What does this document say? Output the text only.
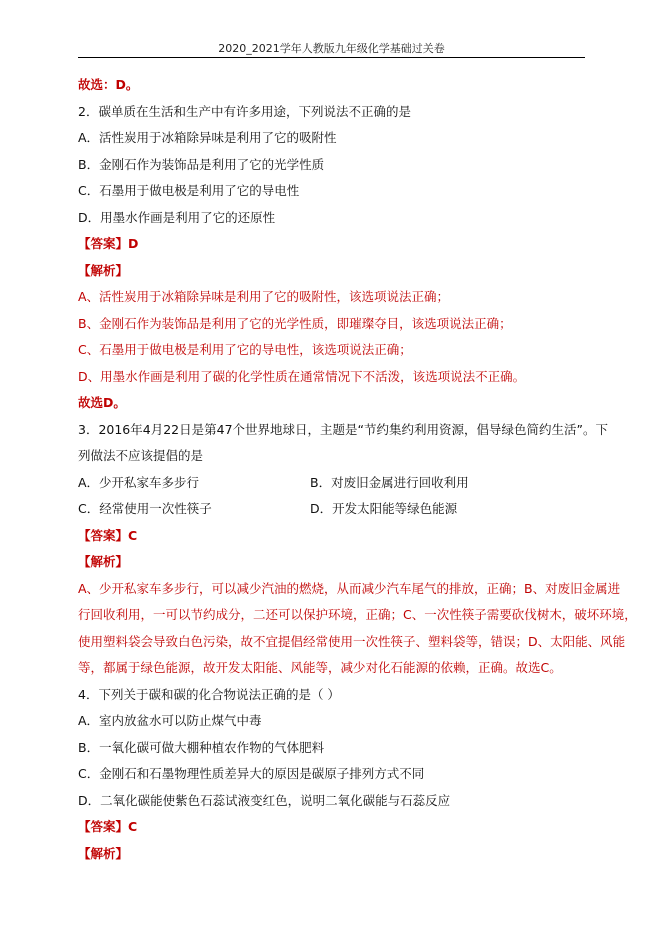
2020_2021学年人教版九年级化学基础过关卷
故选：D。
2．碳单质在生活和生产中有许多用途，下列说法不正确的是
A．活性炭用于冰箱除异味是利用了它的吸附性
B．金刚石作为装饰品是利用了它的光学性质
C．石墨用于做电极是利用了它的导电性
D．用墨水作画是利用了它的还原性
【答案】D
【解析】
A、活性炭用于冰箱除异味是利用了它的吸附性，该选项说法正确；
B、金刚石作为装饰品是利用了它的光学性质，即璀璨夺目，该选项说法正确；
C、石墨用于做电极是利用了它的导电性，该选项说法正确；
D、用墨水作画是利用了碳的化学性质在通常情况下不活泼，该选项说法不正确。
故选D。
3．2016年4月22日是第47个世界地球日，主题是“节约集约利用资源，倡导绿色简约生活”。下
列做法不应该提倡的是
A．少开私家车多步行	B．对废旧金属进行回收利用
C．经常使用一次性筷子	D．开发太阳能等绿色能源
【答案】C
【解析】
A、少开私家车多步行，可以减少汽油的燃烧，从而减少汽车尾气的排放，正确；B、对废旧金属进
行回收利用，一可以节约成分，二还可以保护环境，正确；C、一次性筷子需要砍伐树木，破坏环境，
使用塑料袋会导致白色污染，故不宜提倡经常使用一次性筷子、塑料袋等，错误；D、太阳能、风能
等，都属于绿色能源，故开发太阳能、风能等，减少对化石能源的依赖，正确。故选C。
4．下列关于碳和碳的化合物说法正确的是（ ）
A．室内放盆水可以防止煤气中毒
B．一氧化碳可做大棚种植农作物的气体肥料
C．金刚石和石墨物理性质差异大的原因是碳原子排列方式不同
D．二氧化碳能使紫色石蕊试液变红色，说明二氧化碳能与石蕊反应
【答案】C
【解析】
